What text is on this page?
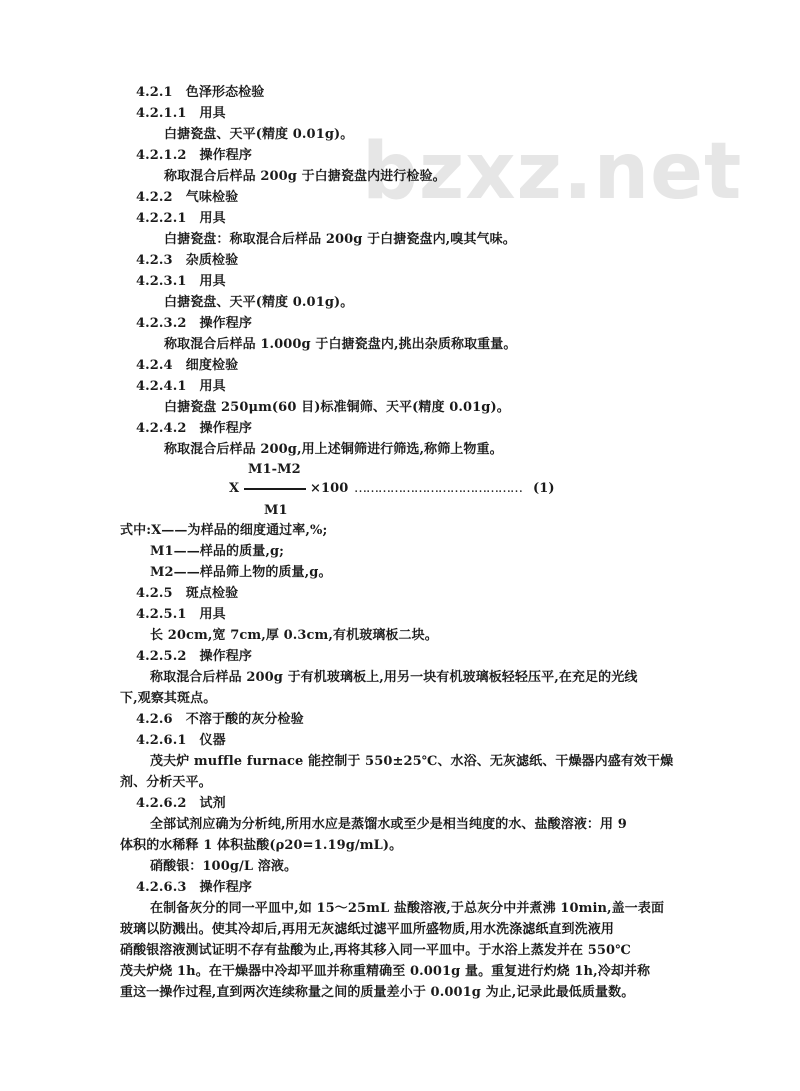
bzxz.net
4.2.1　色泽形态检验
4.2.1.1　用具
白搪瓷盘、天平(精度 0.01g)。
4.2.1.2　操作程序
称取混合后样品 200g 于白搪瓷盘内进行检验。
4.2.2　气味检验
4.2.2.1　用具
白搪瓷盘：称取混合后样品 200g 于白搪瓷盘内,嗅其气味。
4.2.3　杂质检验
4.2.3.1　用具
白搪瓷盘、天平(精度 0.01g)。
4.2.3.2　操作程序
称取混合后样品 1.000g 于白搪瓷盘内,挑出杂质称取重量。
4.2.4　细度检验
4.2.4.1　用具
白搪瓷盘 250μm(60 目)标准铜筛、天平(精度 0.01g)。
4.2.4.2　操作程序
称取混合后样品 200g,用上述铜筛进行筛选,称筛上物重。
M1-M2
X	×100 …………………………………… (1)
M1
式中:X——为样品的细度通过率,%;
M1——样品的质量,g;
M2——样品筛上物的质量,g。
4.2.5　斑点检验
4.2.5.1　用具
长 20cm,宽 7cm,厚 0.3cm,有机玻璃板二块。
4.2.5.2　操作程序
称取混合后样品 200g 于有机玻璃板上,用另一块有机玻璃板轻轻压平,在充足的光线
下,观察其斑点。
4.2.6　不溶于酸的灰分检验
4.2.6.1　仪器
茂夫炉 muffle furnace 能控制于 550±25℃、水浴、无灰滤纸、干燥器内盛有效干燥
剂、分析天平。
4.2.6.2　试剂
全部试剂应确为分析纯,所用水应是蒸馏水或至少是相当纯度的水、盐酸溶液：用 9
体积的水稀释 1 体积盐酸(ρ20=1.19g/mL)。
硝酸银：100g/L 溶液。
4.2.6.3　操作程序
在制备灰分的同一平皿中,如 15～25mL 盐酸溶液,于总灰分中并煮沸 10min,盖一表面
玻璃以防溅出。使其冷却后,再用无灰滤纸过滤平皿所盛物质,用水洗涤滤纸直到洗液用
硝酸银溶液测试证明不存有盐酸为止,再将其移入同一平皿中。于水浴上蒸发并在 550℃
茂夫炉烧 1h。在干燥器中冷却平皿并称重精确至 0.001g 量。重复进行灼烧 1h,冷却并称
重这一操作过程,直到两次连续称量之间的质量差小于 0.001g 为止,记录此最低质量数。
